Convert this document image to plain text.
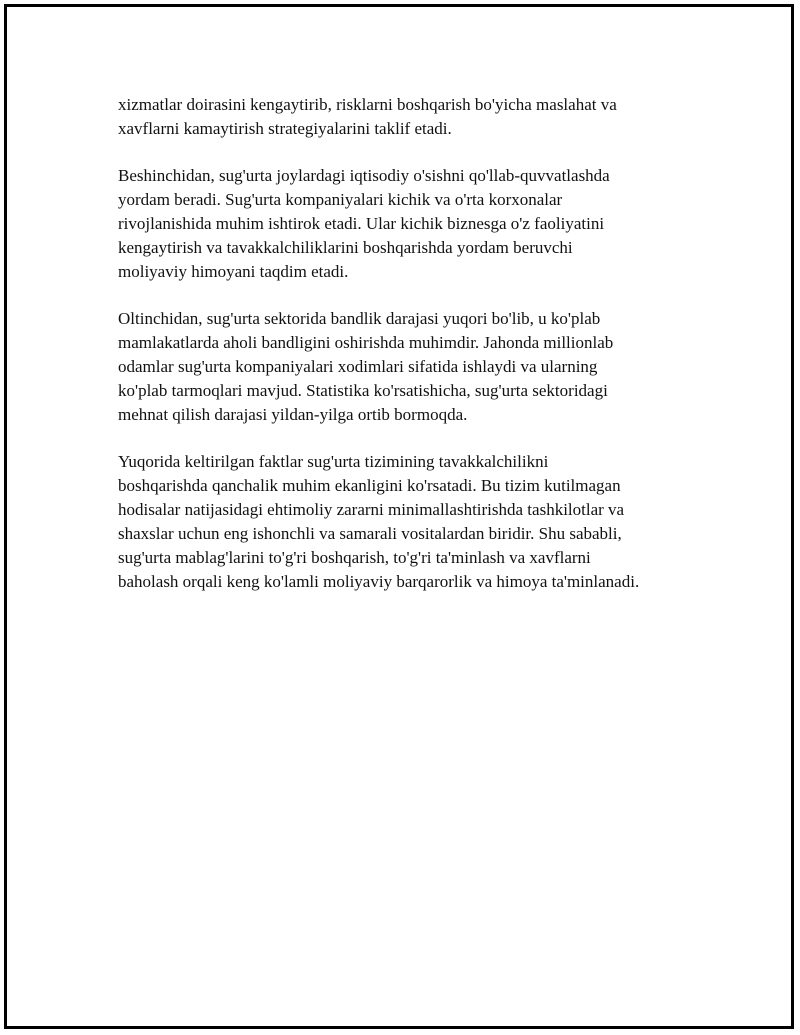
xizmatlar doirasini kengaytirib, risklarni boshqarish bo'yicha maslahat va
xavflarni kamaytirish strategiyalarini taklif etadi.

Beshinchidan, sug'urta joylardagi iqtisodiy o'sishni qo'llab-quvvatlashda
yordam beradi. Sug'urta kompaniyalari kichik va o'rta korxonalar
rivojlanishida muhim ishtirok etadi. Ular kichik biznesga o'z faoliyatini
kengaytirish va tavakkalchiliklarini boshqarishda yordam beruvchi
moliyaviy himoyani taqdim etadi.

Oltinchidan, sug'urta sektorida bandlik darajasi yuqori bo'lib, u ko'plab
mamlakatlarda aholi bandligini oshirishda muhimdir. Jahonda millionlab
odamlar sug'urta kompaniyalari xodimlari sifatida ishlaydi va ularning
ko'plab tarmoqlari mavjud. Statistika ko'rsatishicha, sug'urta sektoridagi
mehnat qilish darajasi yildan-yilga ortib bormoqda.

Yuqorida keltirilgan faktlar sug'urta tizimining tavakkalchilikni
boshqarishda qanchalik muhim ekanligini ko'rsatadi. Bu tizim kutilmagan
hodisalar natijasidagi ehtimoliy zararni minimallashtirishda tashkilotlar va
shaxslar uchun eng ishonchli va samarali vositalardan biridir. Shu sababli,
sug'urta mablag'larini to'g'ri boshqarish, to'g'ri ta'minlash va xavflarni
baholash orqali keng ko'lamli moliyaviy barqarorlik va himoya ta'minlanadi.
